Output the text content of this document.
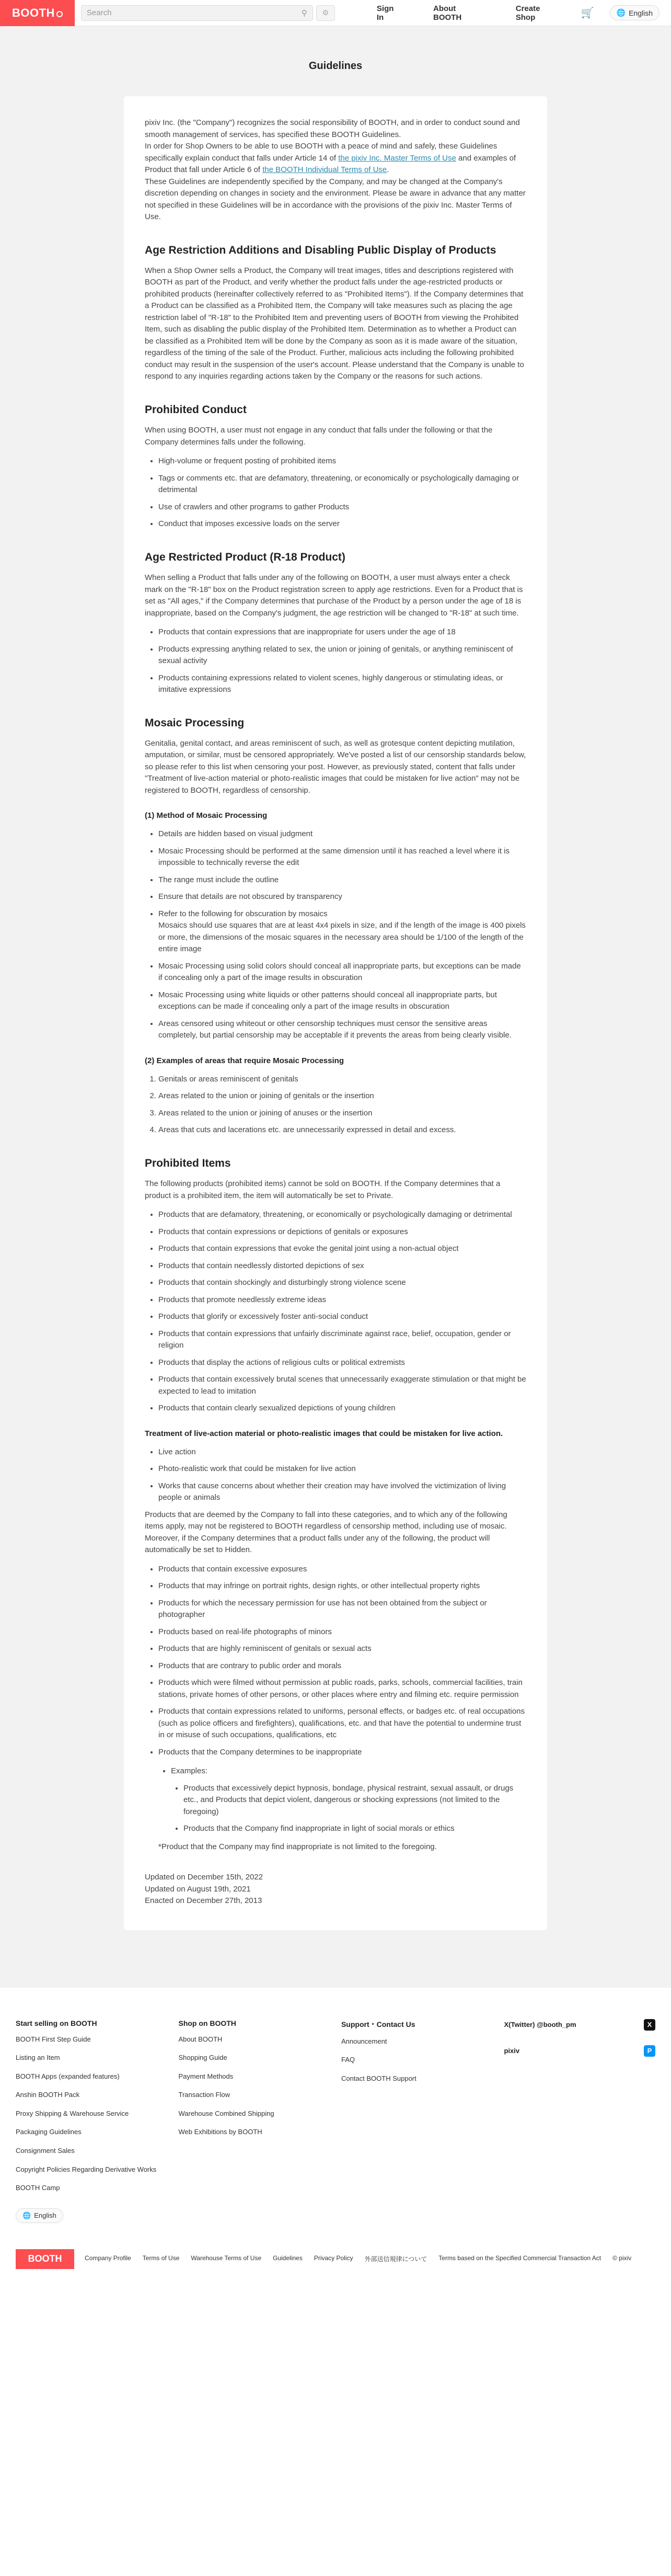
BOOTH	Search	⚲	⚙	Sign In
About BOOTH
Create Shop	🛒	🌐 English
Guidelines

pixiv Inc. (the "Company") recognizes the social responsibility of BOOTH, and in order to conduct sound and smooth management of services, has specified these BOOTH Guidelines.

In order for Shop Owners to be able to use BOOTH with a peace of mind and safely, these Guidelines specifically explain conduct that falls under Article 14 of the pixiv Inc. Master Terms of Use and examples of Product that fall under Article 6 of the BOOTH Individual Terms of Use.

These Guidelines are independently specified by the Company, and may be changed at the Company's discretion depending on changes in society and the environment. Please be aware in advance that any matter not specified in these Guidelines will be in accordance with the provisions of the pixiv Inc. Master Terms of Use.

Age Restriction Additions and Disabling Public Display of Products

When a Shop Owner sells a Product, the Company will treat images, titles and descriptions registered with BOOTH as part of the Product, and verify whether the product falls under the age-restricted products or prohibited products (hereinafter collectively referred to as "Prohibited Items"). If the Company determines that a Product can be classified as a Prohibited Item, the Company will take measures such as placing the age restriction label of "R-18" to the Prohibited Item and preventing users of BOOTH from viewing the Prohibited Item, such as disabling the public display of the Prohibited Item. Determination as to whether a Product can be classified as a Prohibited Item will be done by the Company as soon as it is made aware of the situation, regardless of the timing of the sale of the Product. Further, malicious acts including the following prohibited conduct may result in the suspension of the user's account. Please understand that the Company is unable to respond to any inquiries regarding actions taken by the Company or the reasons for such actions.

Prohibited Conduct

When using BOOTH, a user must not engage in any conduct that falls under the following or that the Company determines falls under the following.

• High-volume or frequent posting of prohibited items
• Tags or comments etc. that are defamatory, threatening, or economically or psychologically damaging or detrimental
• Use of crawlers and other programs to gather Products
• Conduct that imposes excessive loads on the server
Age Restricted Product (R-18 Product)

When selling a Product that falls under any of the following on BOOTH, a user must always enter a check mark on the "R-18" box on the Product registration screen to apply age restrictions. Even for a Product that is set as "All ages," if the Company determines that purchase of the Product by a person under the age of 18 is inappropriate, based on the Company's judgment, the age restriction will be changed to "R-18" at such time.

• Products that contain expressions that are inappropriate for users under the age of 18
• Products expressing anything related to sex, the union or joining of genitals, or anything reminiscent of sexual activity
• Products containing expressions related to violent scenes, highly dangerous or stimulating ideas, or imitative expressions
Mosaic Processing

Genitalia, genital contact, and areas reminiscent of such, as well as grotesque content depicting mutilation, amputation, or similar, must be censored appropriately. We've posted a list of our censorship standards below, so please refer to this list when censoring your post. However, as previously stated, content that falls under "Treatment of live-action material or photo-realistic images that could be mistaken for live action" may not be registered to BOOTH, regardless of censorship.

(1) Method of Mosaic Processing
• Details are hidden based on visual judgment
• Mosaic Processing should be performed at the same dimension until it has reached a level where it is impossible to technically reverse the edit
• The range must include the outline
• Ensure that details are not obscured by transparency
• Refer to the following for obscuration by mosaics
Mosaics should use squares that are at least 4x4 pixels in size, and if the length of the image is 400 pixels or more, the dimensions of the mosaic squares in the necessary area should be 1/100 of the length of the entire image
• Mosaic Processing using solid colors should conceal all inappropriate parts, but exceptions can be made if concealing only a part of the image results in obscuration
• Mosaic Processing using white liquids or other patterns should conceal all inappropriate parts, but exceptions can be made if concealing only a part of the image results in obscuration
• Areas censored using whiteout or other censorship techniques must censor the sensitive areas completely, but partial censorship may be acceptable if it prevents the areas from being clearly visible.
(2) Examples of areas that require Mosaic Processing
1. Genitals or areas reminiscent of genitals
2. Areas related to the union or joining of genitals or the insertion
3. Areas related to the union or joining of anuses or the insertion
4. Areas that cuts and lacerations etc. are unnecessarily expressed in detail and excess.
Prohibited Items

The following products (prohibited items) cannot be sold on BOOTH. If the Company determines that a product is a prohibited item, the item will automatically be set to Private.

• Products that are defamatory, threatening, or economically or psychologically damaging or detrimental
• Products that contain expressions or depictions of genitals or exposures
• Products that contain expressions that evoke the genital joint using a non-actual object
• Products that contain needlessly distorted depictions of sex
• Products that contain shockingly and disturbingly strong violence scene
• Products that promote needlessly extreme ideas
• Products that glorify or excessively foster anti-social conduct
• Products that contain expressions that unfairly discriminate against race, belief, occupation, gender or religion
• Products that display the actions of religious cults or political extremists
• Products that contain excessively brutal scenes that unnecessarily exaggerate stimulation or that might be expected to lead to imitation
• Products that contain clearly sexualized depictions of young children
Treatment of live-action material or photo-realistic images that could be mistaken for live action.
• Live action
• Photo-realistic work that could be mistaken for live action
• Works that cause concerns about whether their creation may have involved the victimization of living people or animals

Products that are deemed by the Company to fall into these categories, and to which any of the following items apply, may not be registered to BOOTH regardless of censorship method, including use of mosaic. Moreover, if the Company determines that a product falls under any of the following, the product will automatically be set to Hidden.

• Products that contain excessive exposures
• Products that may infringe on portrait rights, design rights, or other intellectual property rights
• Products for which the necessary permission for use has not been obtained from the subject or photographer
• Products based on real-life photographs of minors
• Products that are highly reminiscent of genitals or sexual acts
• Products that are contrary to public order and morals
• Products which were filmed without permission at public roads, parks, schools, commercial facilities, train stations, private homes of other persons, or other places where entry and filming etc. require permission
• Products that contain expressions related to uniforms, personal effects, or badges etc. of real occupations (such as police officers and firefighters), qualifications, etc. and that have the potential to undermine trust in or misuse of such occupations, qualifications, etc
• Products that the Company determines to be inappropriate
• Examples:
• Products that excessively depict hypnosis, bondage, physical restraint, sexual assault, or drugs etc., and Products that depict violent, dangerous or shocking expressions (not limited to the foregoing)
• Products that the Company find inappropriate in light of social morals or ethics

*Product that the Company may find inappropriate is not limited to the foregoing.

Updated on December 15th, 2022

Updated on August 19th, 2021

Enacted on December 27th, 2013

Start selling on BOOTH
BOOTH First Step Guide
Listing an Item
BOOTH Apps (expanded features)
Anshin BOOTH Pack
Proxy Shipping & Warehouse Service
Packaging Guidelines
Consignment Sales
Copyright Policies Regarding Derivative Works
BOOTH Camp
Shop on BOOTH
About BOOTH
Shopping Guide
Payment Methods
Transaction Flow
Warehouse Combined Shipping
Web Exhibitions by BOOTH
Support・Contact Us
Announcement
FAQ
Contact BOOTH Support
X(Twitter) @booth_pm	X
pixiv	P
🌐 English
BOOTH	Company Profile Terms of Use Warehouse Terms of Use Guidelines Privacy Policy 外部送信規律について Terms based on the Specified Commercial Transaction Act © pixiv
